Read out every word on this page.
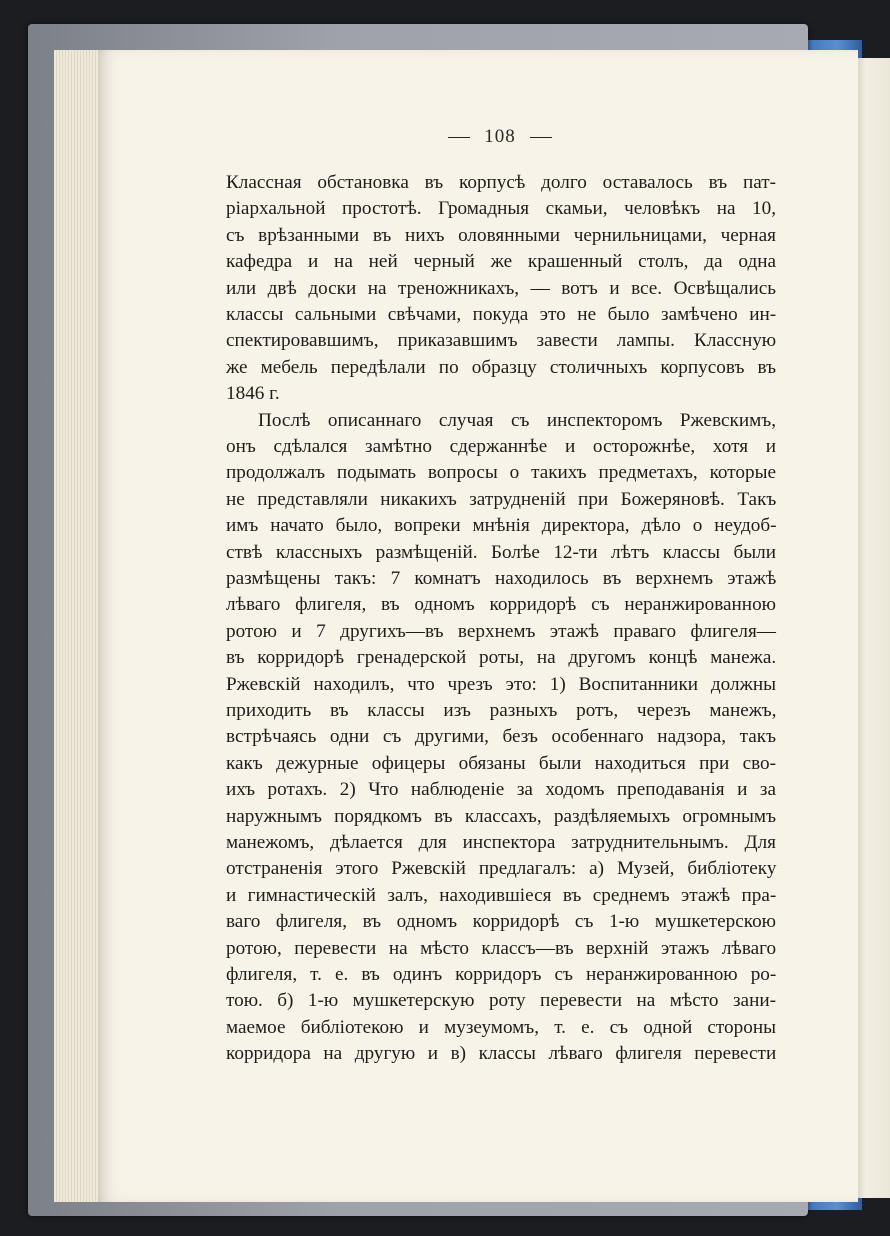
108
Классная обстановка въ корпусѣ долго оставалось въ пат-
ріархальной простотѣ. Громадныя скамьи, человѣкъ на 10,
съ врѣзанными въ нихъ оловянными чернильницами, черная
кафедра и на ней черный же крашенный столъ, да одна
или двѣ доски на треножникахъ, — вотъ и все. Освѣщались
классы сальными свѣчами, покуда это не было замѣчено ин-
спектировавшимъ, приказавшимъ завести лампы. Классную
же мебель передѣлали по образцу столичныхъ корпусовъ въ
1846 г.
Послѣ описаннаго случая съ инспекторомъ Ржевскимъ,
онъ сдѣлался замѣтно сдержаннѣе и осторожнѣе, хотя и
продолжалъ подымать вопросы о такихъ предметахъ, которые
не представляли никакихъ затрудненій при Божеряновѣ. Такъ
имъ начато было, вопреки мнѣнія директора, дѣло о неудоб-
ствѣ классныхъ размѣщеній. Болѣе 12-ти лѣтъ классы были
размѣщены такъ: 7 комнатъ находилось въ верхнемъ этажѣ
лѣваго флигеля, въ одномъ корридорѣ съ неранжированною
ротою и 7 другихъ—въ верхнемъ этажѣ праваго флигеля—
въ корридорѣ гренадерской роты, на другомъ концѣ манежа.
Ржевскій находилъ, что чрезъ это: 1) Воспитанники должны
приходить въ классы изъ разныхъ ротъ, черезъ манежъ,
встрѣчаясь одни съ другими, безъ особеннаго надзора, такъ
какъ дежурные офицеры обязаны были находиться при сво-
ихъ ротахъ. 2) Что наблюденіе за ходомъ преподаванія и за
наружнымъ порядкомъ въ классахъ, раздѣляемыхъ огромнымъ
манежомъ, дѣлается для инспектора затруднительнымъ. Для
отстраненія этого Ржевскій предлагалъ: а) Музей, библіотеку
и гимнастическій залъ, находившіеся въ среднемъ этажѣ пра-
ваго флигеля, въ одномъ корридорѣ съ 1-ю мушкетерскою
ротою, перевести на мѣсто классъ—въ верхній этажъ лѣваго
флигеля, т. е. въ одинъ корридоръ съ неранжированною ро-
тою. б) 1-ю мушкетерскую роту перевести на мѣсто зани-
маемое библіотекою и музеумомъ, т. е. съ одной стороны
корридора на другую и в) классы лѣваго флигеля перевести
